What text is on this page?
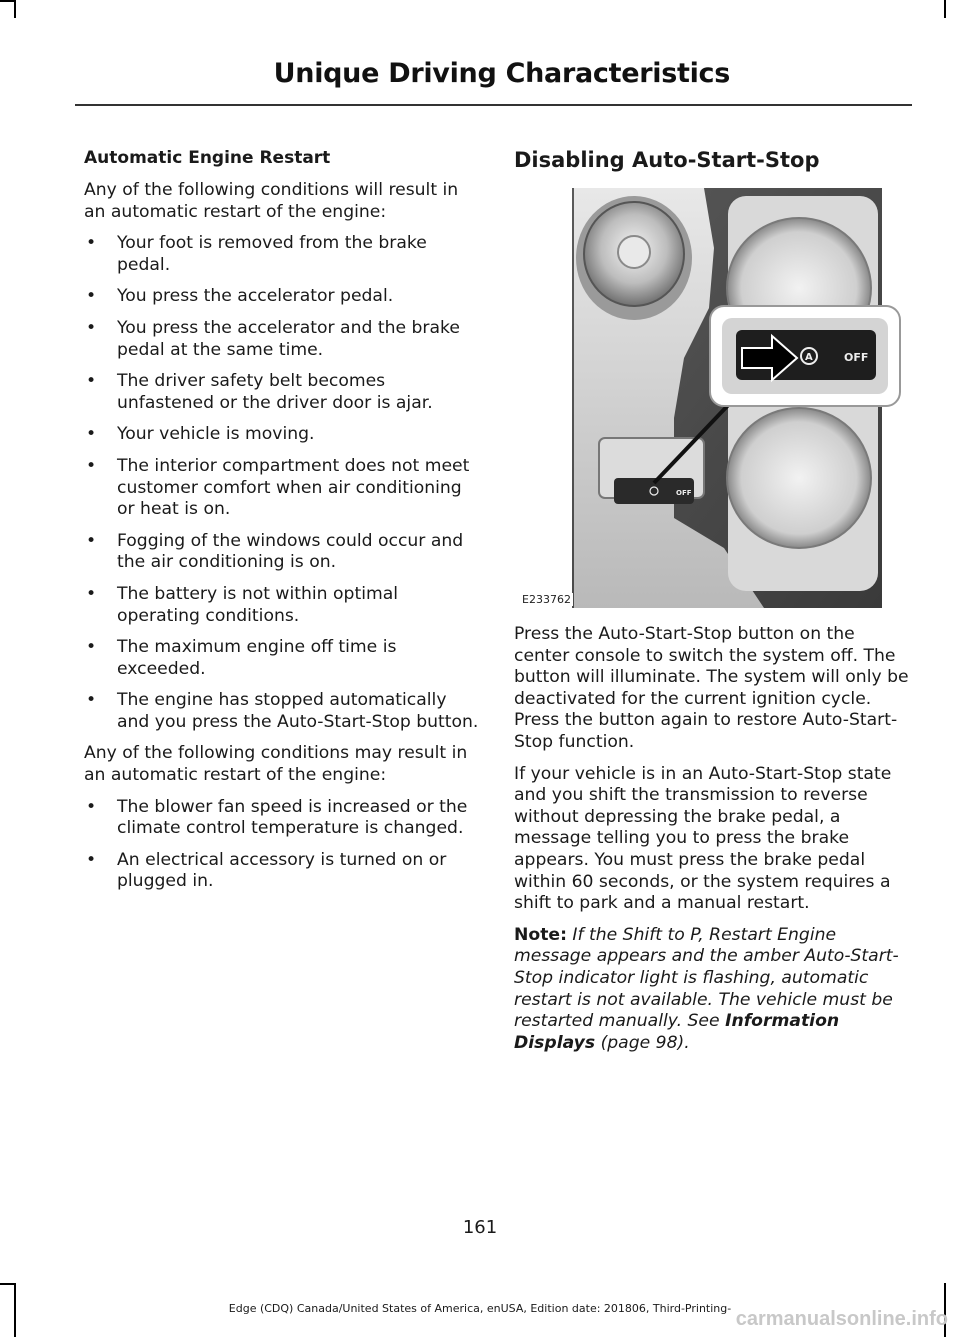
Unique Driving Characteristics
Automatic Engine Restart

Any of the following conditions will result in an automatic restart of the engine:

• Your foot is removed from the brake pedal.
• You press the accelerator pedal.
• You press the accelerator and the brake pedal at the same time.
• The driver safety belt becomes unfastened or the driver door is ajar.
• Your vehicle is moving.
• The interior compartment does not meet customer comfort when air conditioning or heat is on.
• Fogging of the windows could occur and the air conditioning is on.
• The battery is not within optimal operating conditions.
• The maximum engine off time is exceeded.
• The engine has stopped automatically and you press the Auto-Start-Stop button.

Any of the following conditions may result in an automatic restart of the engine:

• The blower fan speed is increased or the climate control temperature is changed.
• An electrical accessory is turned on or plugged in.
Disabling Auto-Start-Stop
OFF
A	OFF
E233762

Press the Auto-Start-Stop button on the center console to switch the system off. The button will illuminate. The system will only be deactivated for the current ignition cycle. Press the button again to restore Auto-Start-Stop function.

If your vehicle is in an Auto-Start-Stop state and you shift the transmission to reverse without depressing the brake pedal, a message telling you to press the brake appears. You must press the brake pedal within 60 seconds, or the system requires a shift to park and a manual restart.

Note: If the Shift to P, Restart Engine message appears and the amber Auto-Start-Stop indicator light is flashing, automatic restart is not available. The vehicle must be restarted manually. See Information Displays (page 98).

161
Edge (CDQ) Canada/United States of America, enUSA, Edition date: 201806, Third-Printing- carmanualsonline.info
